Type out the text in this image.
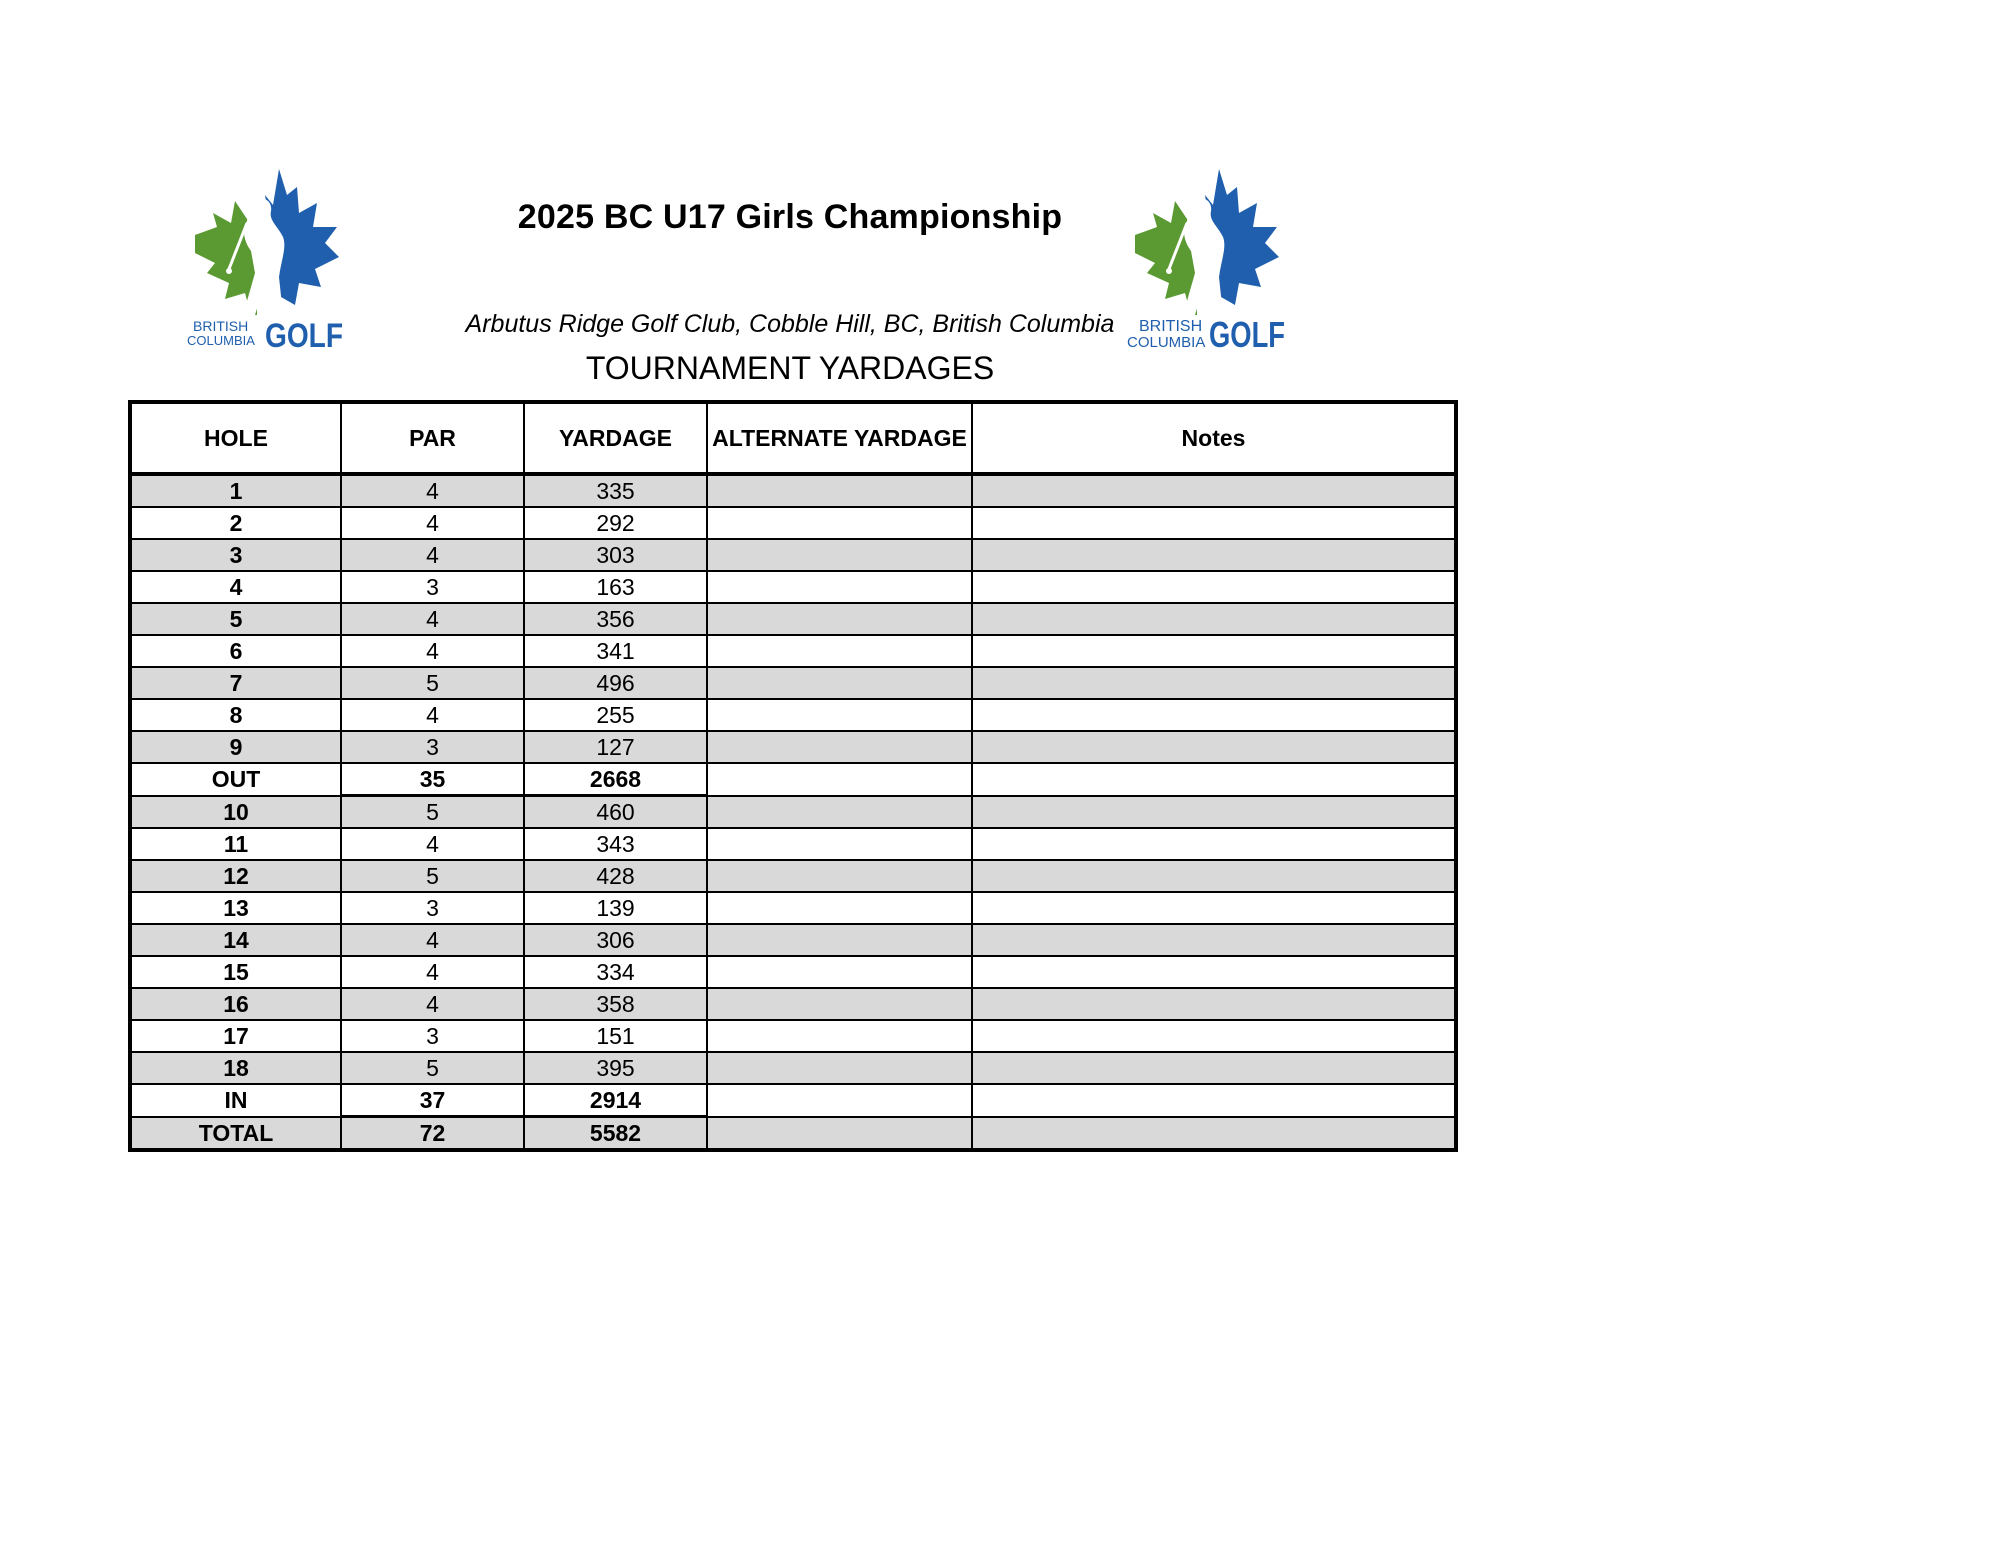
BRITISH
COLUMBIA GOLF	BRITISH
COLUMBIA GOLF
2025 BC U17 Girls Championship
Arbutus Ridge Golf Club, Cobble Hill, BC, British Columbia
TOURNAMENT YARDAGES
HOLE	PAR	YARDAGE	ALTERNATE YARDAGE	Notes
1	4	335		
2	4	292		
3	4	303		
4	3	163		
5	4	356		
6	4	341		
7	5	496		
8	4	255		
9	3	127		
OUT	35	2668		
10	5	460		
11	4	343		
12	5	428		
13	3	139		
14	4	306		
15	4	334		
16	4	358		
17	3	151		
18	5	395		
IN	37	2914		
TOTAL	72	5582		
